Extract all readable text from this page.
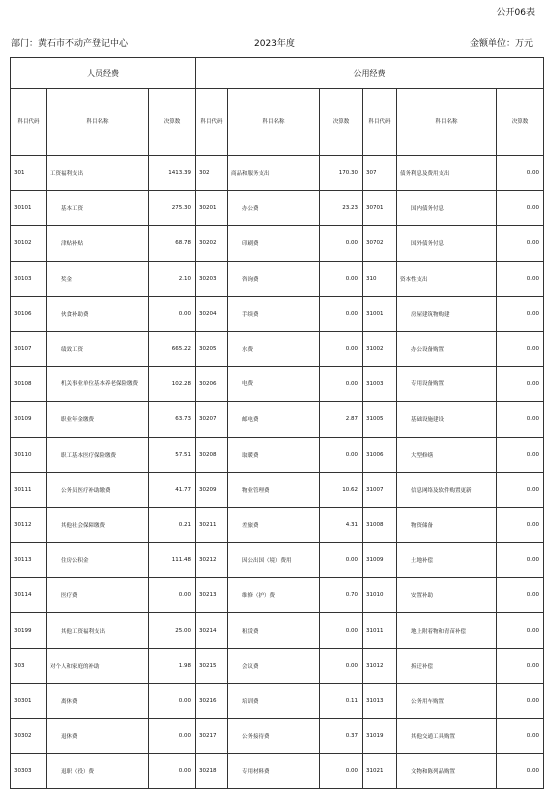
公开06表
部门：黄石市不动产登记中心	2023年度	金额单位：万元
人员经费			公用经费					
科目代码	科目名称	决算数	科目代码	科目名称	决算数	科目代码	科目名称	决算数
301	工资福利支出	1413.39	302	商品和服务支出	170.30	307	债务利息及费用支出	0.00
30101	基本工资	275.30	30201	办公费	23.23	30701	国内债务付息	0.00
30102	津贴补贴	68.78	30202	印刷费	0.00	30702	国外债务付息	0.00
30103	奖金	2.10	30203	咨询费	0.00	310	资本性支出	0.00
30106	伙食补助费	0.00	30204	手续费	0.00	31001	房屋建筑物购建	0.00
30107	绩效工资	665.22	30205	水费	0.00	31002	办公设备购置	0.00
30108	机关事业单位基本养老保险缴费	102.28	30206	电费	0.00	31003	专用设备购置	0.00
30109	职业年金缴费	63.73	30207	邮电费	2.87	31005	基础设施建设	0.00
30110	职工基本医疗保险缴费	57.51	30208	取暖费	0.00	31006	大型修缮	0.00
30111	公务员医疗补助缴费	41.77	30209	物业管理费	10.62	31007	信息网络及软件购置更新	0.00
30112	其他社会保障缴费	0.21	30211	差旅费	4.31	31008	物资储备	0.00
30113	住房公积金	111.48	30212	因公出国（境）费用	0.00	31009	土地补偿	0.00
30114	医疗费	0.00	30213	维修（护）费	0.70	31010	安置补助	0.00
30199	其他工资福利支出	25.00	30214	租赁费	0.00	31011	地上附着物和青苗补偿	0.00
303	对个人和家庭的补助	1.98	30215	会议费	0.00	31012	拆迁补偿	0.00
30301	离休费	0.00	30216	培训费	0.11	31013	公务用车购置	0.00
30302	退休费	0.00	30217	公务接待费	0.37	31019	其他交通工具购置	0.00
30303	退职（役）费	0.00	30218	专用材料费	0.00	31021	文物和陈列品购置	0.00
